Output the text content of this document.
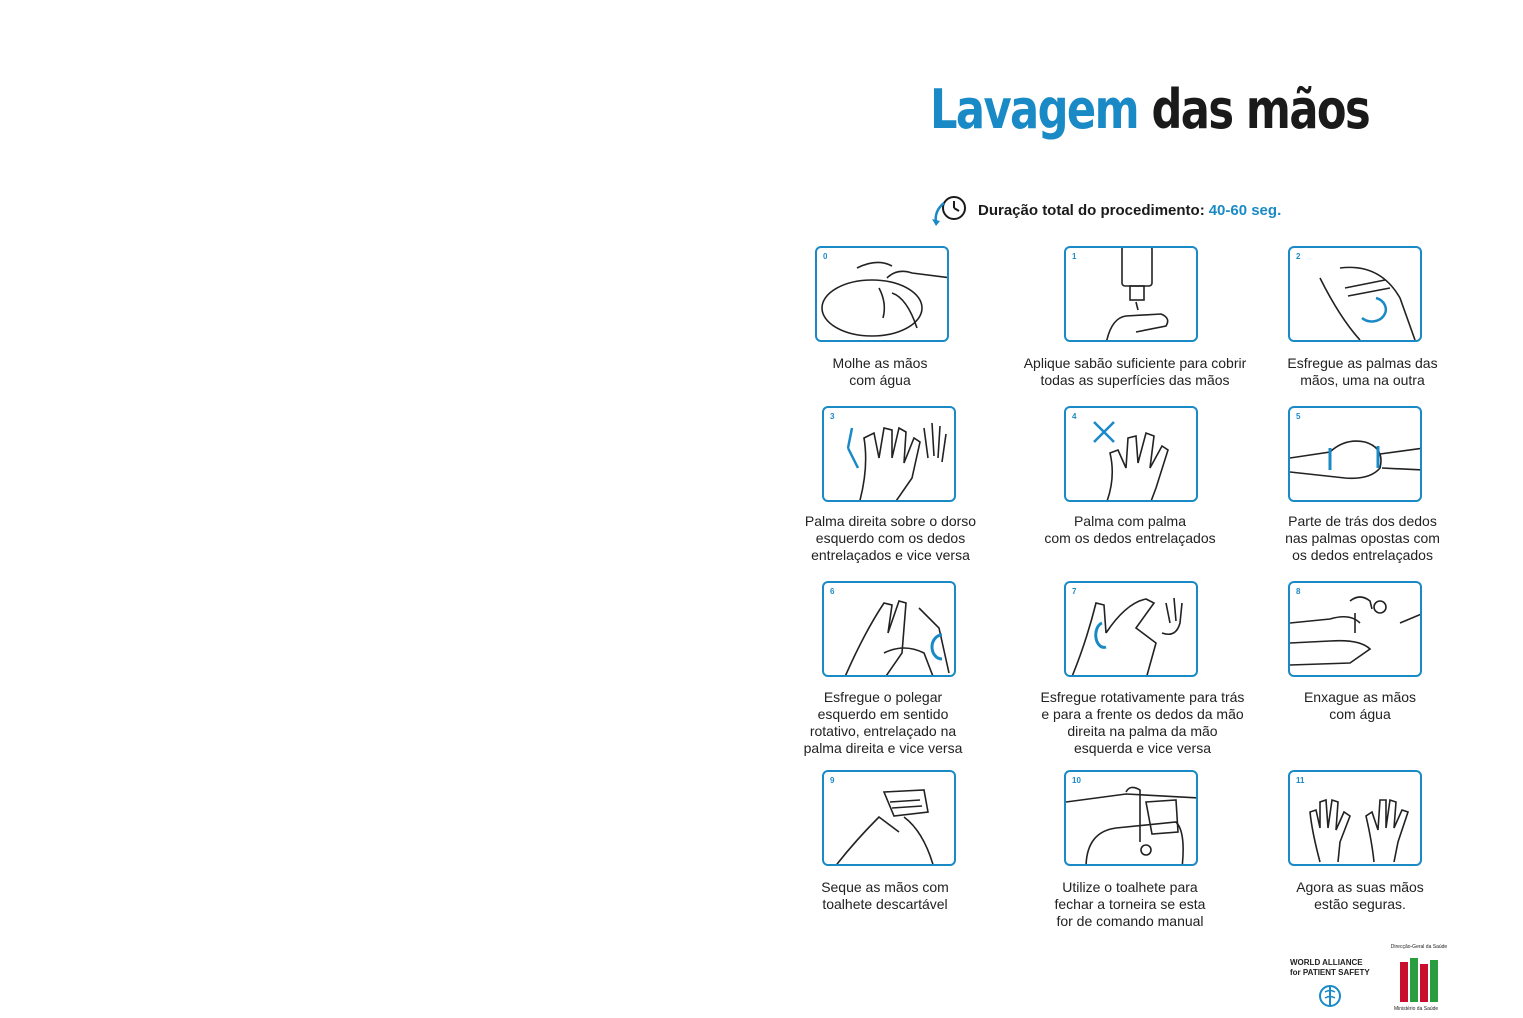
Lavagem das mãos
Duração total do procedimento: 40-60 seg.
0
Molhe as mãos
com água
1
Aplique sabão suficiente para cobrir
todas as superfícies das mãos
2
Esfregue as palmas das
mãos, uma na outra
3
Palma direita sobre o dorso
esquerdo com os dedos
entrelaçados e vice versa
4
Palma com palma
com os dedos entrelaçados
5
Parte de trás dos dedos
nas palmas opostas com
os dedos entrelaçados
6
Esfregue o polegar
esquerdo em sentido
rotativo, entrelaçado na
palma direita e vice versa
7
Esfregue rotativamente para trás
e para a frente os dedos da mão
direita na palma da mão
esquerda e vice versa
8
Enxague as mãos
com água
9
Seque as mãos com
toalhete descartável
10
Utilize o toalhete para
fechar a torneira se esta
for de comando manual
11
Agora as suas mãos
estão seguras.
WORLD ALLIANCE
for PATIENT SAFETY
Direcção-Geral da Saúde
Ministério da Saúde
